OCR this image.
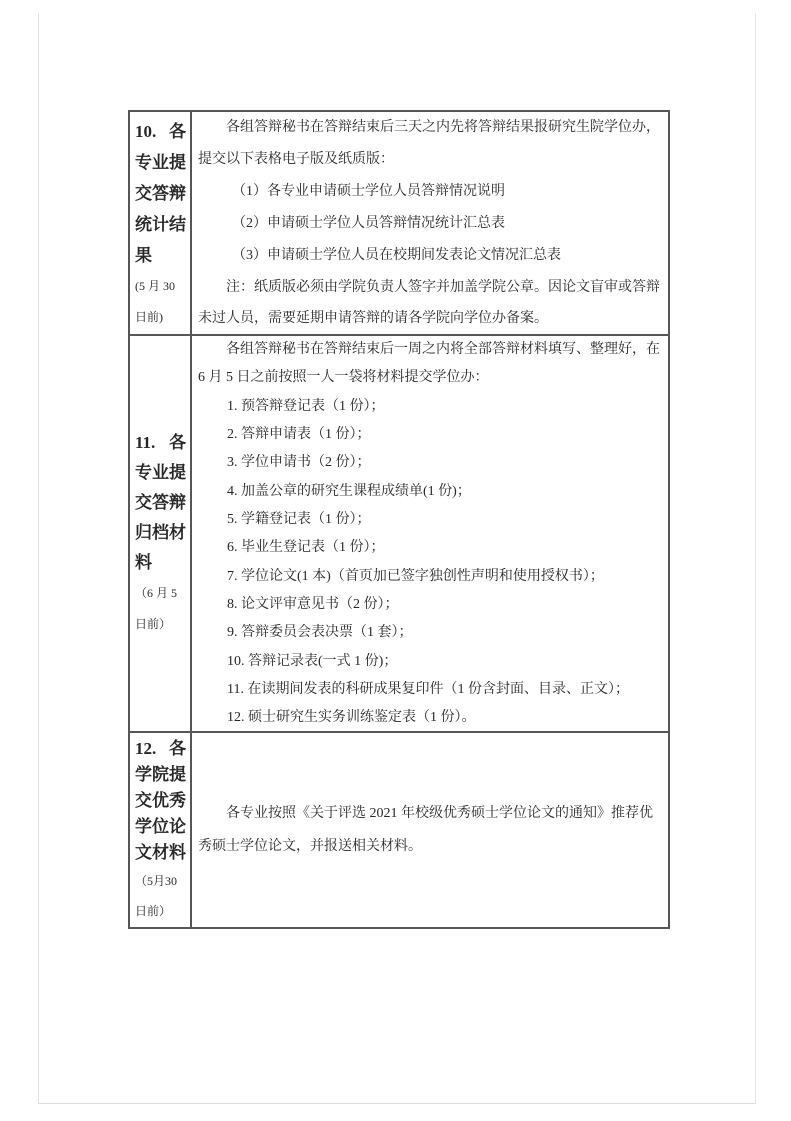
10. 各
专业提
交答辩
统计结
果
(5 月 30
日前)
各组答辩秘书在答辩结束后三天之内先将答辩结果报研究生院学位办，
提交以下表格电子版及纸质版：
（1）各专业申请硕士学位人员答辩情况说明
（2）申请硕士学位人员答辩情况统计汇总表
（3）申请硕士学位人员在校期间发表论文情况汇总表
注：纸质版必须由学院负责人签字并加盖学院公章。因论文盲审或答辩
未过人员，需要延期申请答辩的请各学院向学位办备案。
11. 各
专业提
交答辩
归档材
料
（6 月 5
日前）
各组答辩秘书在答辩结束后一周之内将全部答辩材料填写、整理好，在
6 月 5 日之前按照一人一袋将材料提交学位办：
1. 预答辩登记表（1 份）；
2. 答辩申请表（1 份）；
3. 学位申请书（2 份）；
4. 加盖公章的研究生课程成绩单(1 份)；
5. 学籍登记表（1 份）；
6. 毕业生登记表（1 份）；
7. 学位论文(1 本)（首页加已签字独创性声明和使用授权书）；
8. 论文评审意见书（2 份）；
9. 答辩委员会表决票（1 套）；
10. 答辩记录表(一式 1 份)；
11. 在读期间发表的科研成果复印件（1 份含封面、目录、正文）；
12. 硕士研究生实务训练鉴定表（1 份）。
12. 各
学院提
交优秀
学位论
文材料
（5月30
日前）
各专业按照《关于评选 2021 年校级优秀硕士学位论文的通知》推荐优
秀硕士学位论文，并报送相关材料。
